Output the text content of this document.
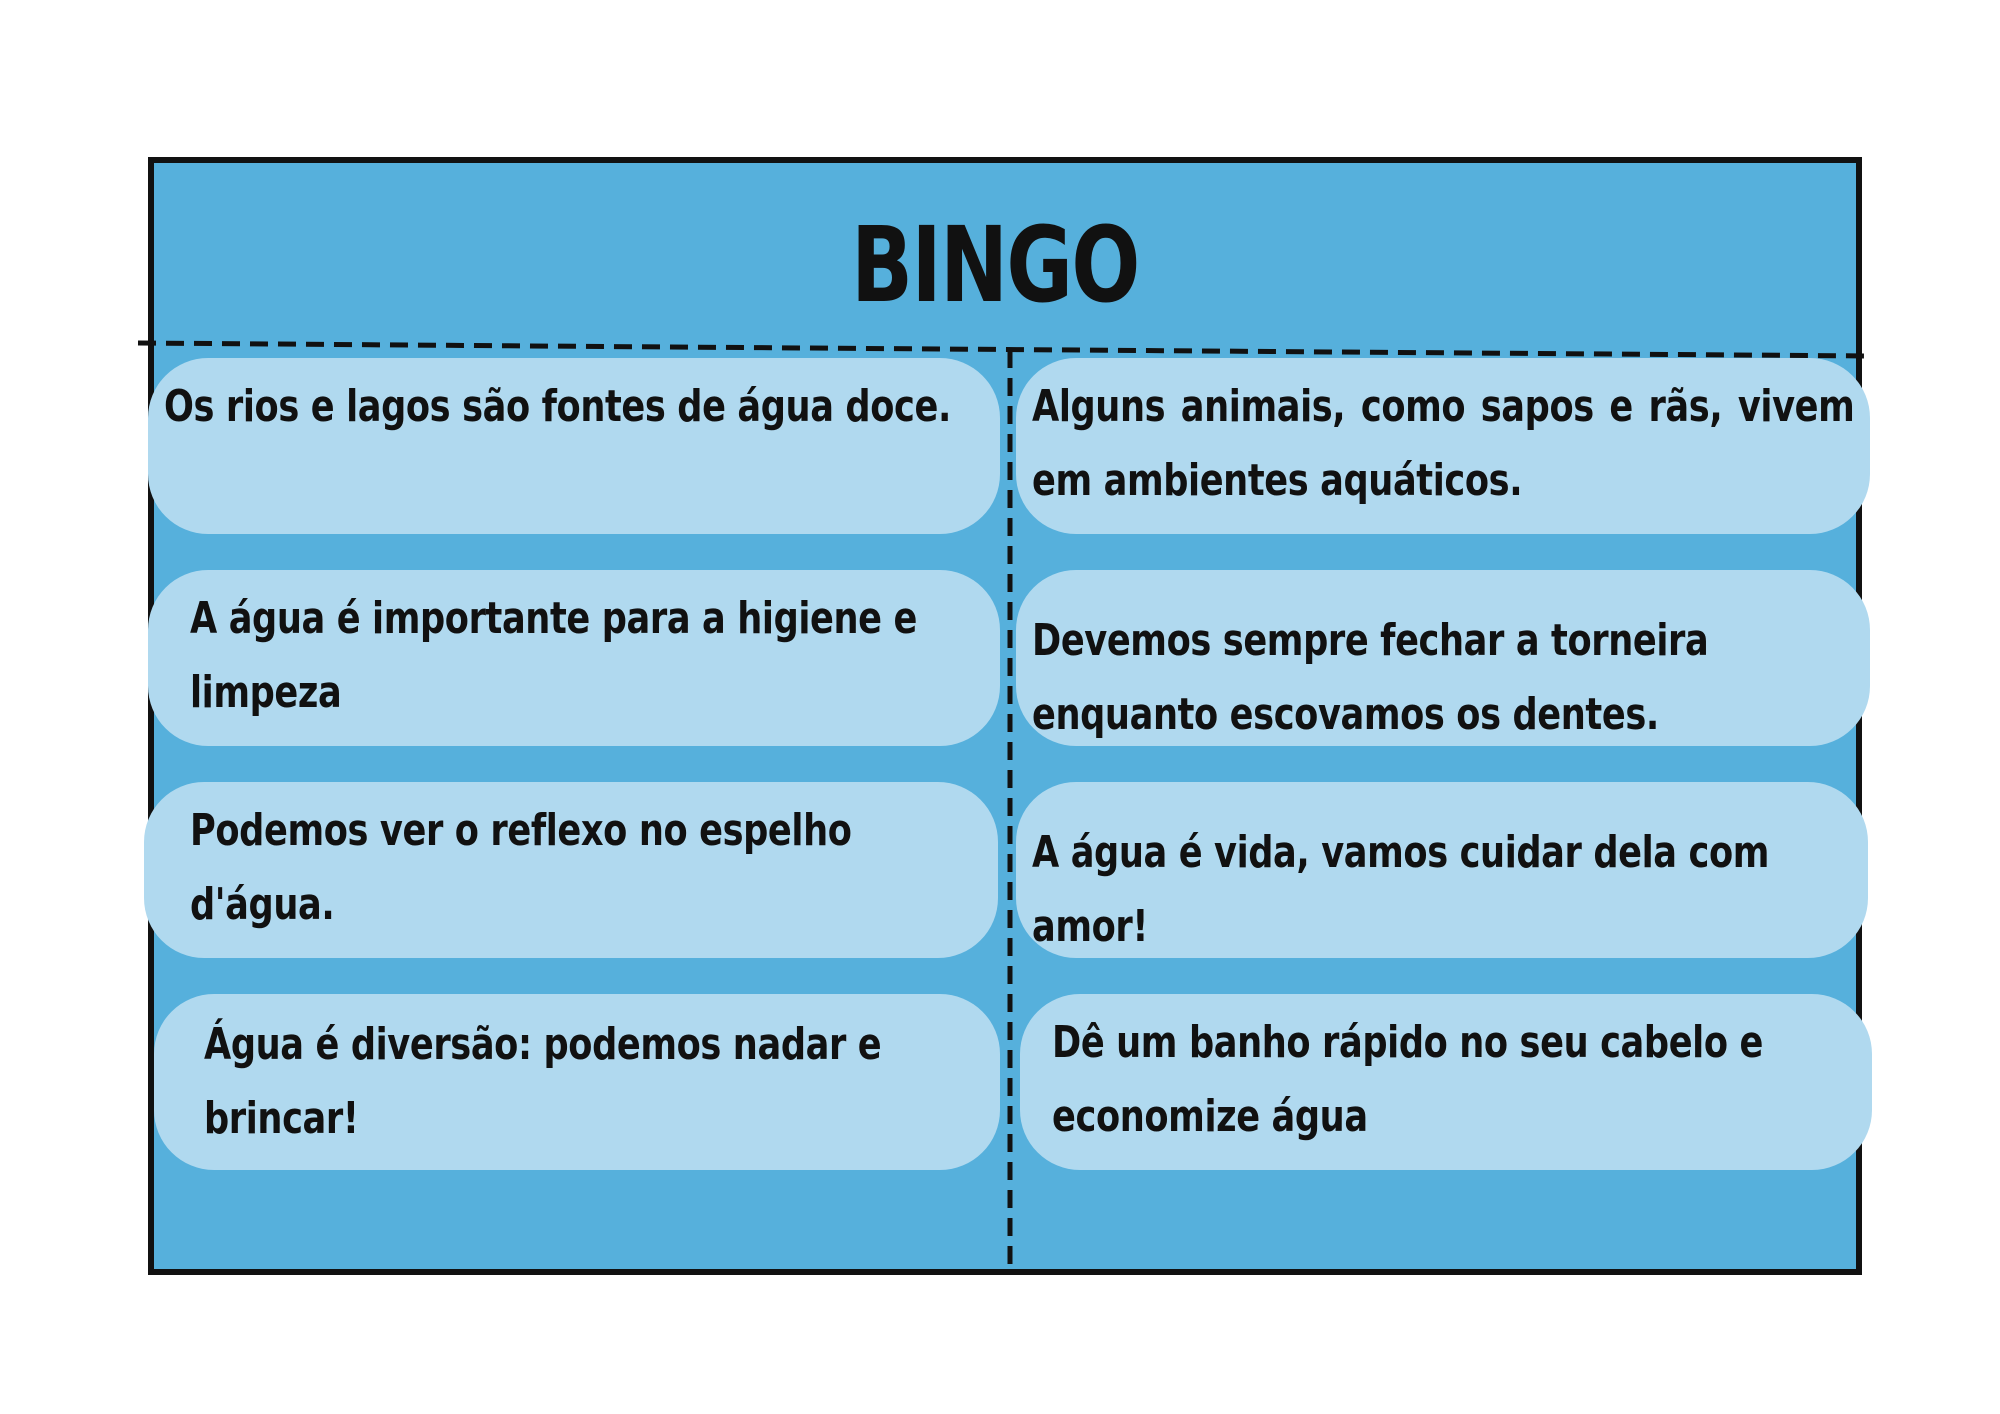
BINGO
Os rios e lagos são fontes de água doce.	Alguns animais, como sapos e rãs, vivem em ambientes aquáticos.
A água é importante para a higiene e limpeza
Devemos sempre fechar a torneira enquanto escovamos os dentes.
Podemos ver o reflexo no espelho d'água.
A água é vida, vamos cuidar dela com amor!
Água é diversão: podemos nadar e brincar!
Dê um banho rápido no seu cabelo e economize água
